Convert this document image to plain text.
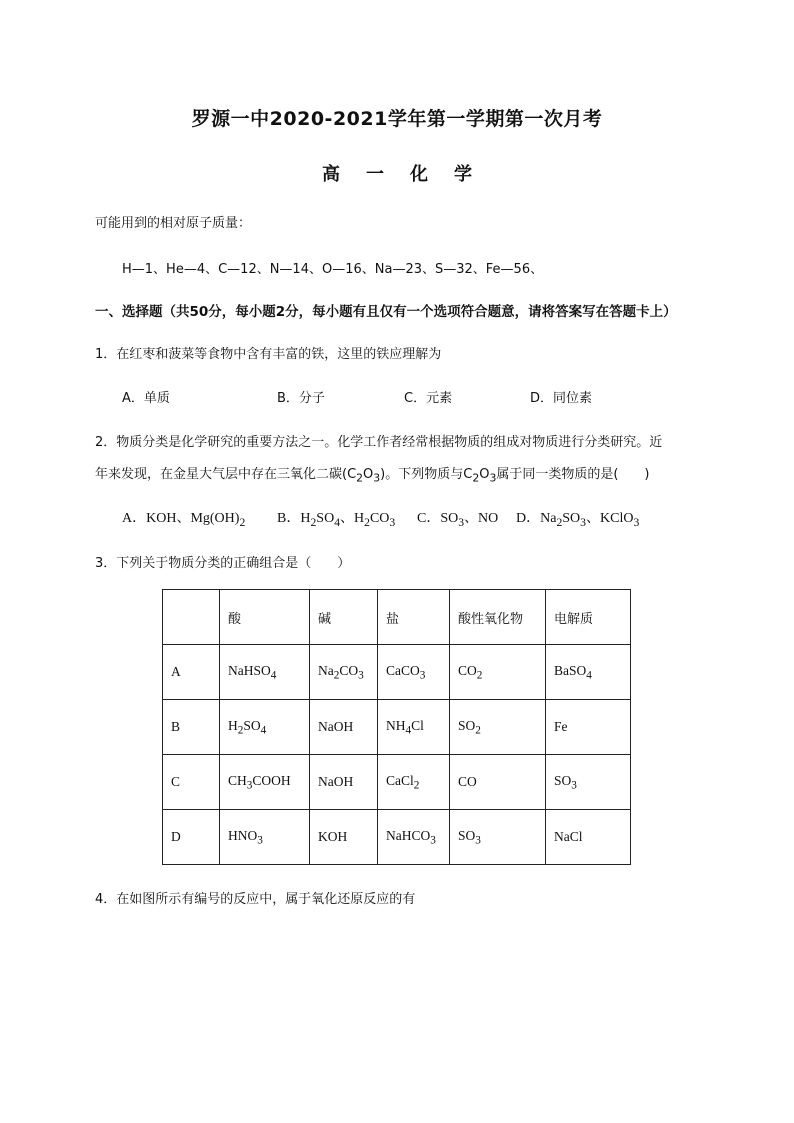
罗源一中2020-2021学年第一学期第一次月考
高 一 化 学
可能用到的相对原子质量：
H—1、He—4、C—12、N—14、O—16、Na—23、S—32、Fe—56、
一、选择题（共50分，每小题2分，每小题有且仅有一个选项符合题意，请将答案写在答题卡上）
1．在红枣和菠菜等食物中含有丰富的铁，这里的铁应理解为
A．单质	B．分子	C．元素	D．同位素
2．物质分类是化学研究的重要方法之一。化学工作者经常根据物质的组成对物质进行分类研究。近
年来发现，在金星大气层中存在三氧化二碳$(C_2O_3)$。下列物质与$C_2O_3$属于同一类物质的是(　　)
A．KOH、$Mg(OH)_2$ B．$H_2SO_4$、$H_2CO_3$ C．$SO_3$、NO D．$Na_2SO_3$、KClO$_3$
3．下列关于物质分类的正确组合是（　　）
	酸	碱	盐	酸性氧化物	电解质
A	NaHSO$_4$	$Na_2CO_3$	CaCO$_3$	$CO_2$	BaSO$_4$
B	$H_2SO_4$	NaOH	$NH_4Cl$	$SO_2$	Fe
C	$CH_3COOH$	NaOH	CaCl$_2$	CO	$SO_3$
D	$HNO_3$	KOH	NaHCO$_3$	$SO_3$	NaCl
4．在如图所示有编号的反应中，属于氧化还原反应的有
